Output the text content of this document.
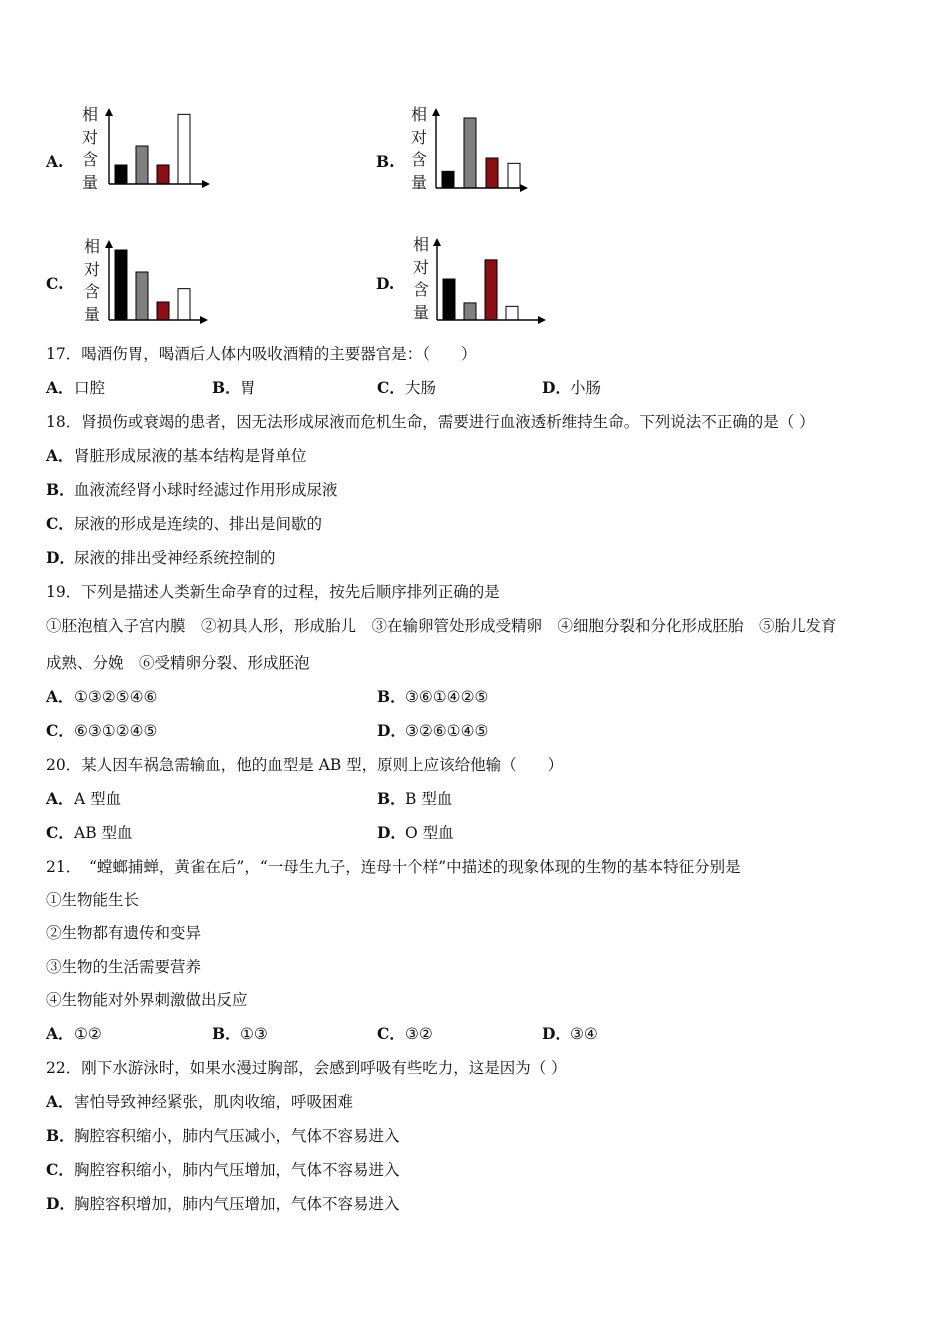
A.
相
对
含
量
B.
相
对
含
量
C.
相
对
含
量
D.
相
对
含
量
17．喝酒伤胃，喝酒后人体内吸收酒精的主要器官是：（　　）
A．口腔	B．胃	C．大肠	D．小肠
18．肾损伤或衰竭的患者，因无法形成尿液而危机生命，需要进行血液透析维持生命。下列说法不正确的是（ ）
A．肾脏形成尿液的基本结构是肾单位
B．血液流经肾小球时经滤过作用形成尿液
C．尿液的形成是连续的、排出是间歇的
D．尿液的排出受神经系统控制的
19．下列是描述人类新生命孕育的过程，按先后顺序排列正确的是
①胚泡植入子宫内膜　②初具人形，形成胎儿　③在输卵管处形成受精卵　④细胞分裂和分化形成胚胎　⑤胎儿发育
成熟、分娩　⑥受精卵分裂、形成胚泡
A．①③②⑤④⑥	B．③⑥①④②⑤
C．⑥③①②④⑤	D．③②⑥①④⑤
20．某人因车祸急需输血，他的血型是 AB 型，原则上应该给他输（　　）
A．A 型血	B．B 型血
C．AB 型血	D．O 型血
21．　“螳螂捕蝉，黄雀在后”，“一母生九子，连母十个样”中描述的现象体现的生物的基本特征分别是
①生物能生长
②生物都有遗传和变异
③生物的生活需要营养
④生物能对外界刺激做出反应
A．①②	B．①③	C．③②	D．③④
22．刚下水游泳时，如果水漫过胸部，会感到呼吸有些吃力，这是因为（ ）
A．害怕导致神经紧张，肌肉收缩，呼吸困难
B．胸腔容积缩小，肺内气压减小，气体不容易进入
C．胸腔容积缩小，肺内气压增加，气体不容易进入
D．胸腔容积增加，肺内气压增加，气体不容易进入
